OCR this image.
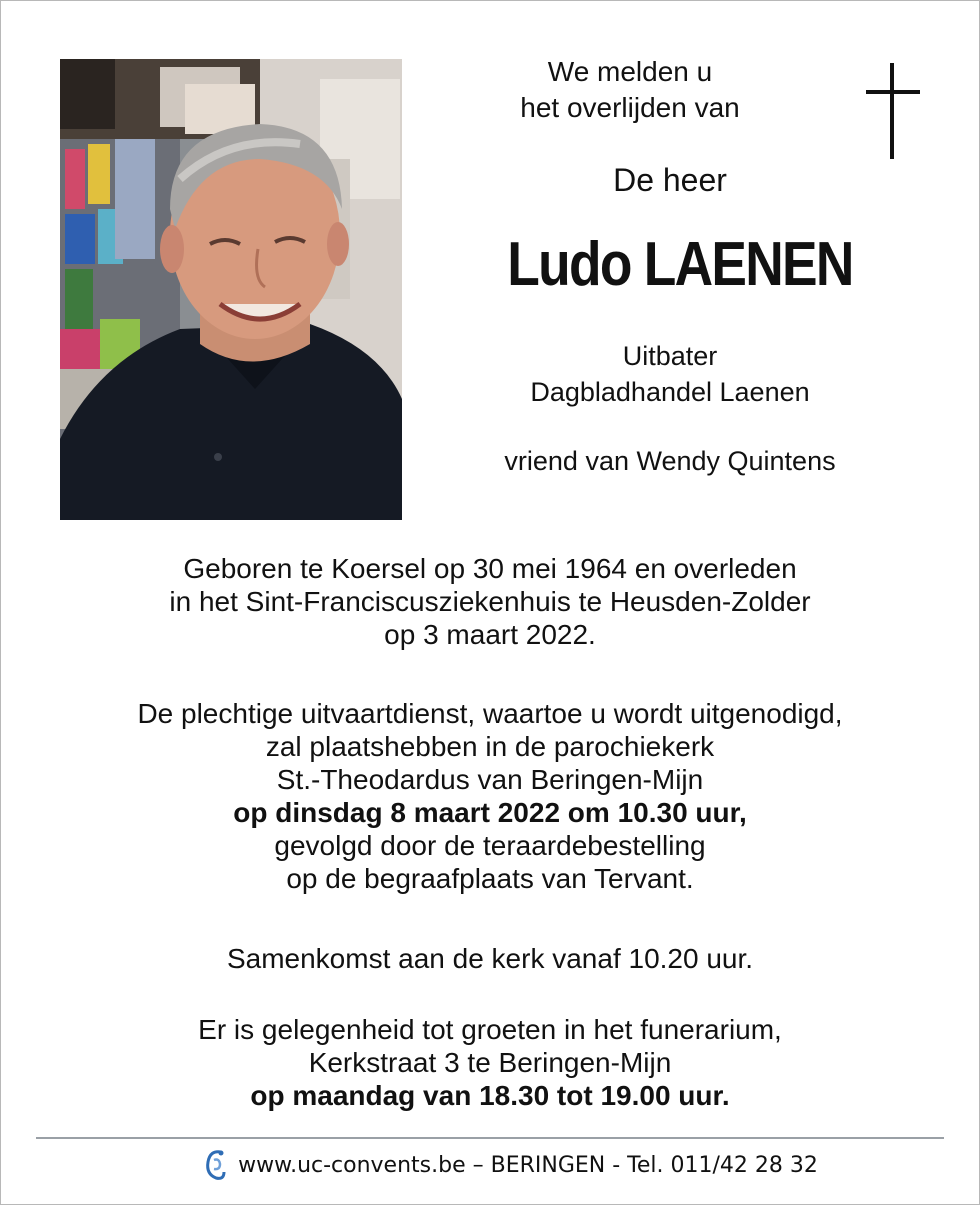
We melden u
het overlijden van
De heer
Ludo LAENEN
Uitbater
Dagbladhandel Laenen
vriend van Wendy Quintens
Geboren te Koersel op 30 mei 1964 en overleden
in het Sint-Franciscusziekenhuis te Heusden-Zolder
op 3 maart 2022.
De plechtige uitvaartdienst, waartoe u wordt uitgenodigd,
zal plaatshebben in de parochiekerk
St.-Theodardus van Beringen-Mijn
op dinsdag 8 maart 2022 om 10.30 uur,
gevolgd door de teraardebestelling
op de begraafplaats van Tervant.
Samenkomst aan de kerk vanaf 10.20 uur.
Er is gelegenheid tot groeten in het funerarium,
Kerkstraat 3 te Beringen-Mijn
op maandag van 18.30 tot 19.00 uur.
www.uc-convents.be – BERINGEN - Tel. 011/42 28 32
